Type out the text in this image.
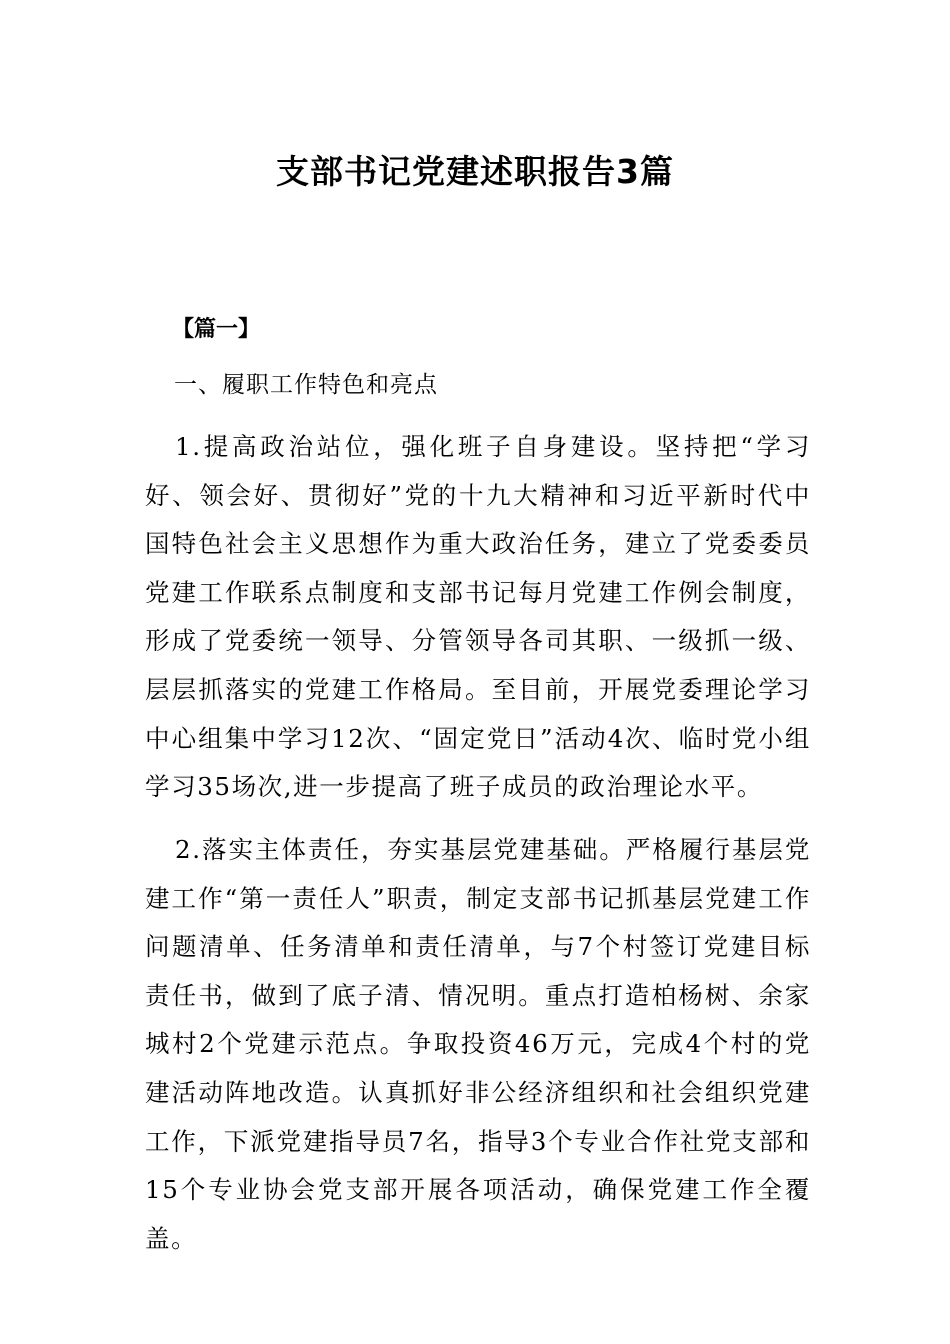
支部书记党建述职报告3篇
【篇一】
一、履职工作特色和亮点

1.提高政治站位，强化班子自身建设。坚持把“学习好、领会好、贯彻好”党的十九大精神和习近平新时代中国特色社会主义思想作为重大政治任务，建立了党委委员党建工作联系点制度和支部书记每月党建工作例会制度，形成了党委统一领导、分管领导各司其职、一级抓一级、层层抓落实的党建工作格局。至目前，开展党委理论学习中心组集中学习12次、“固定党日”活动4次、临时党小组学习35场次,进一步提高了班子成员的政治理论水平。

2.落实主体责任，夯实基层党建基础。严格履行基层党建工作“第一责任人”职责，制定支部书记抓基层党建工作问题清单、任务清单和责任清单，与7个村签订党建目标责任书，做到了底子清、情况明。重点打造柏杨树、余家城村2个党建示范点。争取投资46万元，完成4个村的党建活动阵地改造。认真抓好非公经济组织和社会组织党建工作，下派党建指导员7名，指导3个专业合作社党支部和15个专业协会党支部开展各项活动，确保党建工作全覆盖。
